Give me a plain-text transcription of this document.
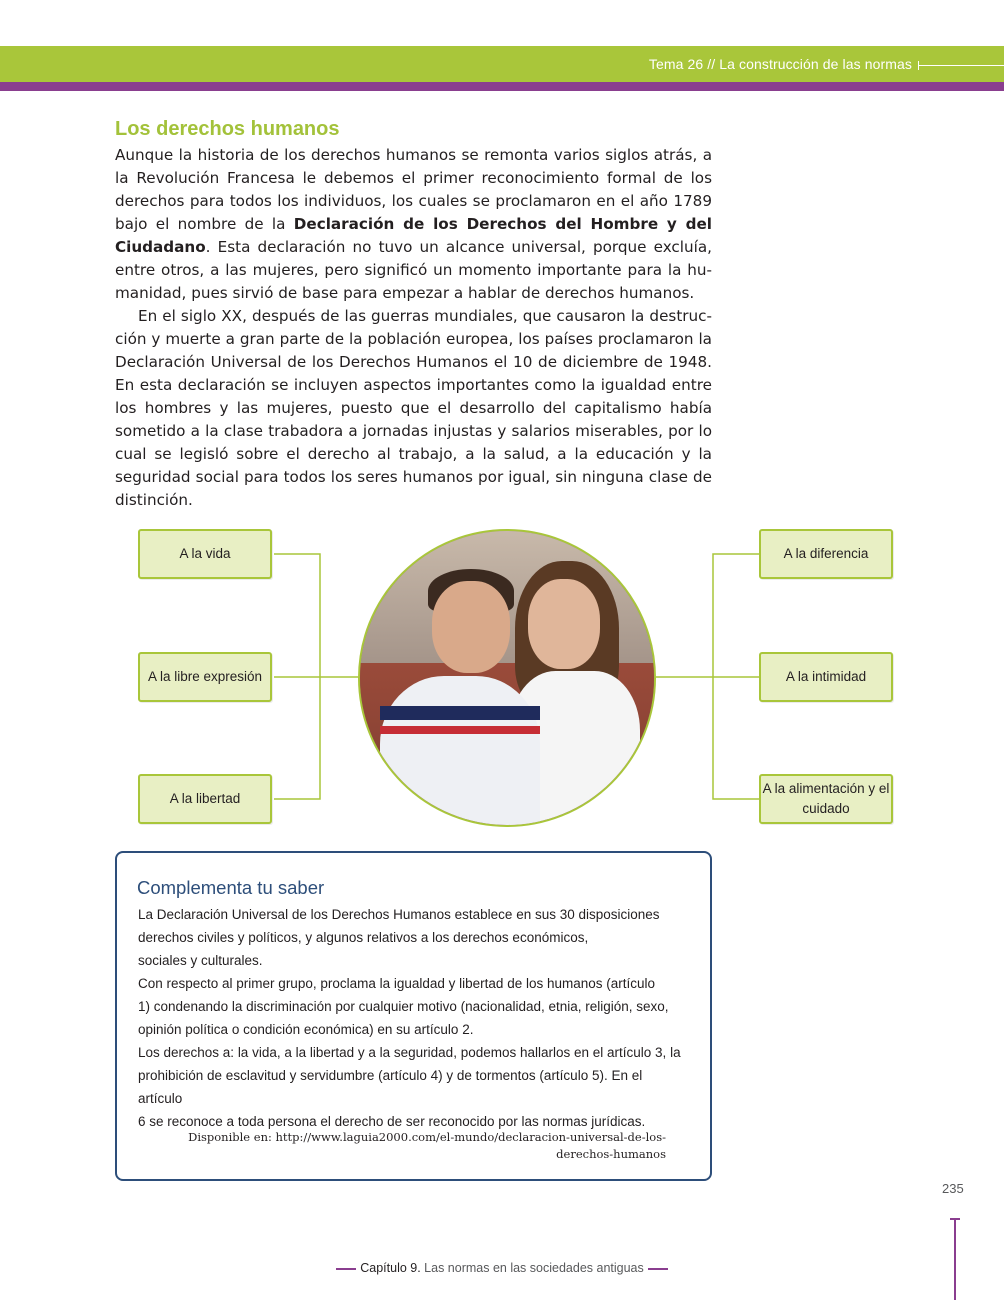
Tema 26 // La construcción de las normas
Los derechos humanos

Aunque la historia de los derechos humanos se remonta varios siglos atrás, a la Revolución Francesa le debemos el primer reconocimiento formal de los derechos para todos los individuos, los cuales se proclamaron en el año 1789 bajo el nombre de la Declaración de los Derechos del Hombre y del Ciudadano. Esta declaración no tuvo un alcance universal, porque excluía, entre otros, a las mujeres, pero significó un momento importante para la humanidad, pues sirvió de base para empezar a hablar de derechos humanos.

En el siglo XX, después de las guerras mundiales, que causaron la destrucción y muerte a gran parte de la población europea, los países proclamaron la Declaración Universal de los Derechos Humanos el 10 de diciembre de 1948. En esta declaración se incluyen aspectos importantes como la igualdad entre los hombres y las mujeres, puesto que el desarrollo del capitalismo había sometido a la clase trabadora a jornadas injustas y salarios miserables, por lo cual se legisló sobre el derecho al trabajo, a la salud, a la educación y la seguridad social para todos los seres humanos por igual, sin ninguna clase de distinción.

A la vida
A la libre expresión
A la libertad
A la diferencia
A la intimidad
A la alimentación y el cuidado
Complementa tu saber

La Declaración Universal de los Derechos Humanos establece en sus 30 disposiciones

derechos civiles y políticos, y algunos relativos a los derechos económicos,

sociales y culturales.

Con respecto al primer grupo, proclama la igualdad y libertad de los humanos (artículo

1) condenando la discriminación por cualquier motivo (nacionalidad, etnia, religión, sexo,

opinión política o condición económica) en su artículo 2.

Los derechos a: la vida, a la libertad y a la seguridad, podemos hallarlos en el artículo 3, la

prohibición de esclavitud y servidumbre (artículo 4) y de tormentos (artículo 5). En el artículo

6 se reconoce a toda persona el derecho de ser reconocido por las normas jurídicas.

Disponible en: http://www.laguia2000.com/el-mundo/declaracion-universal-de-los-
derechos-humanos
235
Capítulo 9. Las normas en las sociedades antiguas
